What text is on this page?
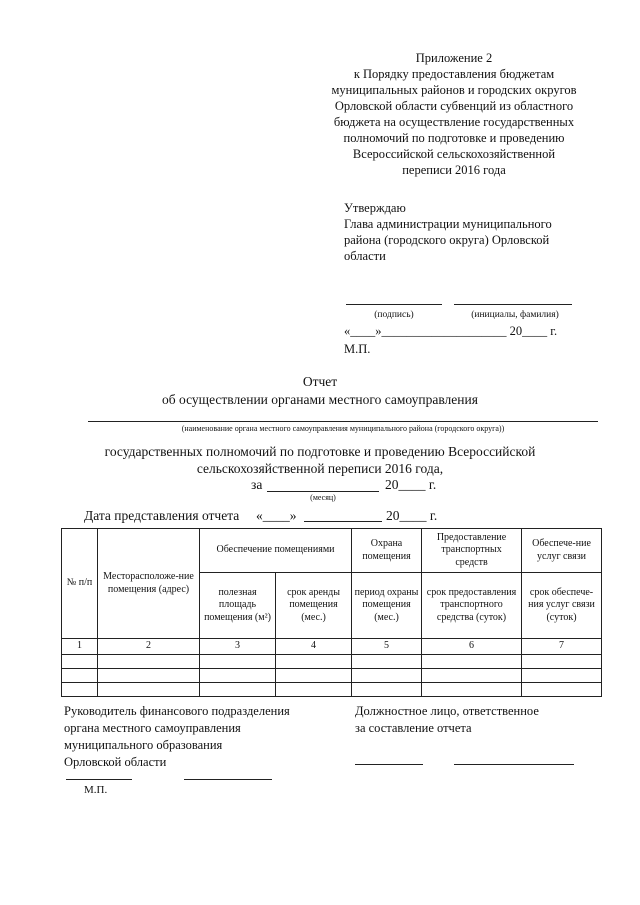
Приложение 2
к Порядку предоставления бюджетам
муниципальных районов и городских округов
Орловской области субвенций из областного
бюджета на осуществление государственных
полномочий по подготовке и проведению
Всероссийской сельскохозяйственной
переписи 2016 года
Утверждаю
Глава администрации муниципального
района (городского округа) Орловской
области
(подпись)	(инициалы, фамилия)
«____»____________________ 20____ г.
М.П.
Отчет
об осуществлении органами местного самоуправления
(наименование органа местного самоуправления муниципального района (городского округа))
государственных полномочий по подготовке и проведению Всероссийской
сельскохозяйственной переписи 2016 года,
за	20____ г.
(месяц)
Дата представления отчета «____»	20____ г.
№ п/п	Месторасположе-ние помещения (адрес)	Обеспечение помещениями		Охрана помещения	Предоставление транспортных средств	Обеспече-ние услуг связи
		полезная площадь помещения (м²)	срок аренды помещения (мес.)	период охраны помещения (мес.)	срок предоставления транспортного средства (суток)	срок обеспече-ния услуг связи (суток)
1	2	3	4	5	6	7

Руководитель финансового подразделения
органа местного самоуправления
муниципального образования
Орловской области
М.П.
Должностное лицо, ответственное
за составление отчета
